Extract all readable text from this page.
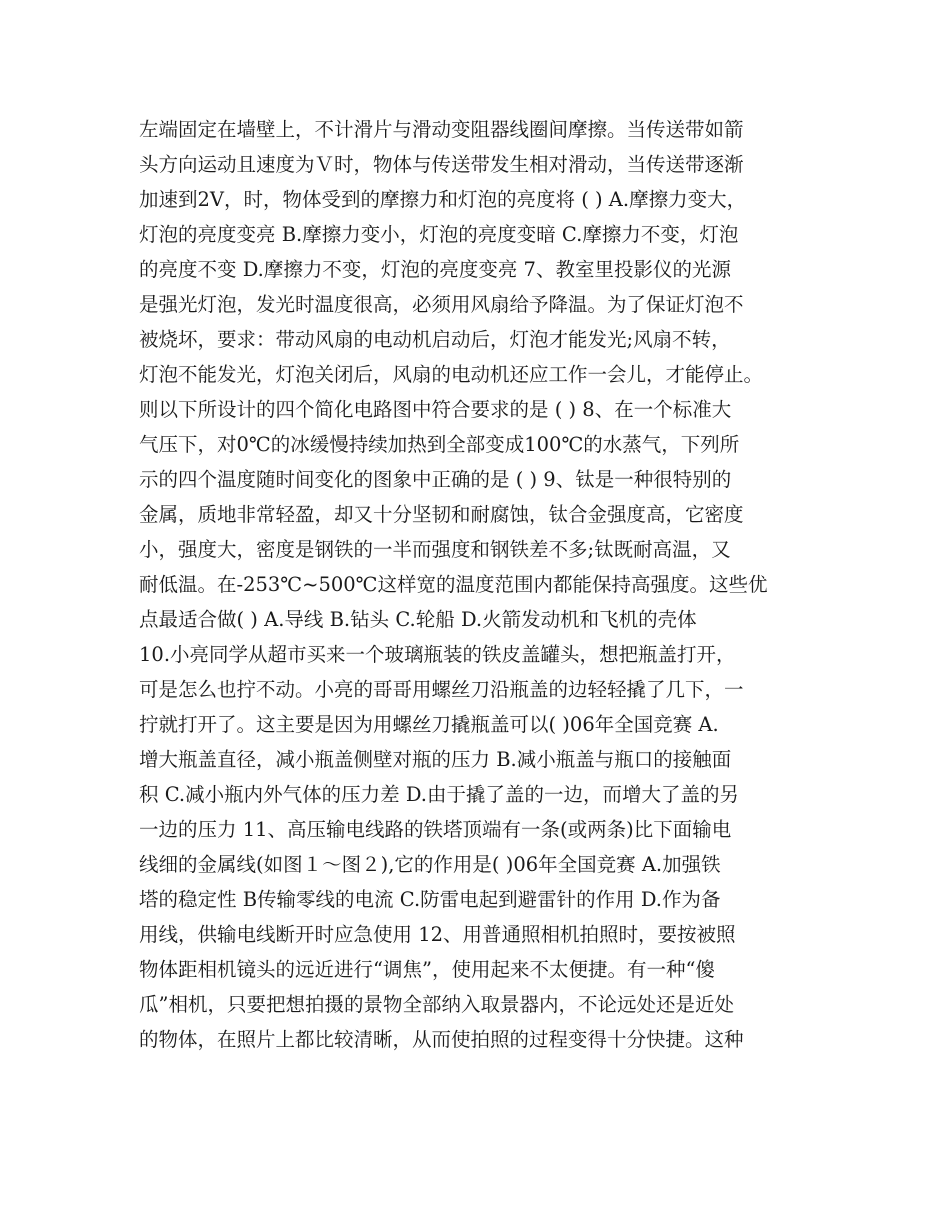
左端固定在墙壁上，不计滑片与滑动变阻器线圈间摩擦。当传送带如箭
头方向运动且速度为Ｖ时，物体与传送带发生相对滑动，当传送带逐渐
加速到2V，时，物体受到的摩擦力和灯泡的亮度将 ( ) A.摩擦力变大，
灯泡的亮度变亮 B.摩擦力变小，灯泡的亮度变暗 C.摩擦力不变，灯泡
的亮度不变 D.摩擦力不变，灯泡的亮度变亮 7、教室里投影仪的光源
是强光灯泡，发光时温度很高，必须用风扇给予降温。为了保证灯泡不
被烧坏，要求：带动风扇的电动机启动后，灯泡才能发光;风扇不转，
灯泡不能发光，灯泡关闭后，风扇的电动机还应工作一会儿，才能停止。
则以下所设计的四个简化电路图中符合要求的是 ( ) 8、在一个标准大
气压下，对0℃的冰缓慢持续加热到全部变成100℃的水蒸气，下列所
示的四个温度随时间变化的图象中正确的是 ( ) 9、钛是一种很特别的
金属，质地非常轻盈，却又十分坚韧和耐腐蚀，钛合金强度高，它密度
小，强度大，密度是钢铁的一半而强度和钢铁差不多;钛既耐高温，又
耐低温。在-253℃~500℃这样宽的温度范围内都能保持高强度。这些优
点最适合做( ) A.导线 B.钻头 C.轮船 D.火箭发动机和飞机的壳体
10.小亮同学从超市买来一个玻璃瓶装的铁皮盖罐头，想把瓶盖打开，
可是怎么也拧不动。小亮的哥哥用螺丝刀沿瓶盖的边轻轻撬了几下，一
拧就打开了。这主要是因为用螺丝刀撬瓶盖可以( )06年全国竞赛 A.
增大瓶盖直径，减小瓶盖侧壁对瓶的压力 B.减小瓶盖与瓶口的接触面
积 C.减小瓶内外气体的压力差 D.由于撬了盖的一边，而增大了盖的另
一边的压力 11、高压输电线路的铁塔顶端有一条(或两条)比下面输电
线细的金属线(如图１～图２),它的作用是( )06年全国竞赛 A.加强铁
塔的稳定性 B传输零线的电流 C.防雷电起到避雷针的作用 D.作为备
用线，供输电线断开时应急使用 12、用普通照相机拍照时，要按被照
物体距相机镜头的远近进行“调焦”，使用起来不太便捷。有一种“傻
瓜”相机，只要把想拍摄的景物全部纳入取景器内，不论远处还是近处
的物体，在照片上都比较清晰，从而使拍照的过程变得十分快捷。这种
